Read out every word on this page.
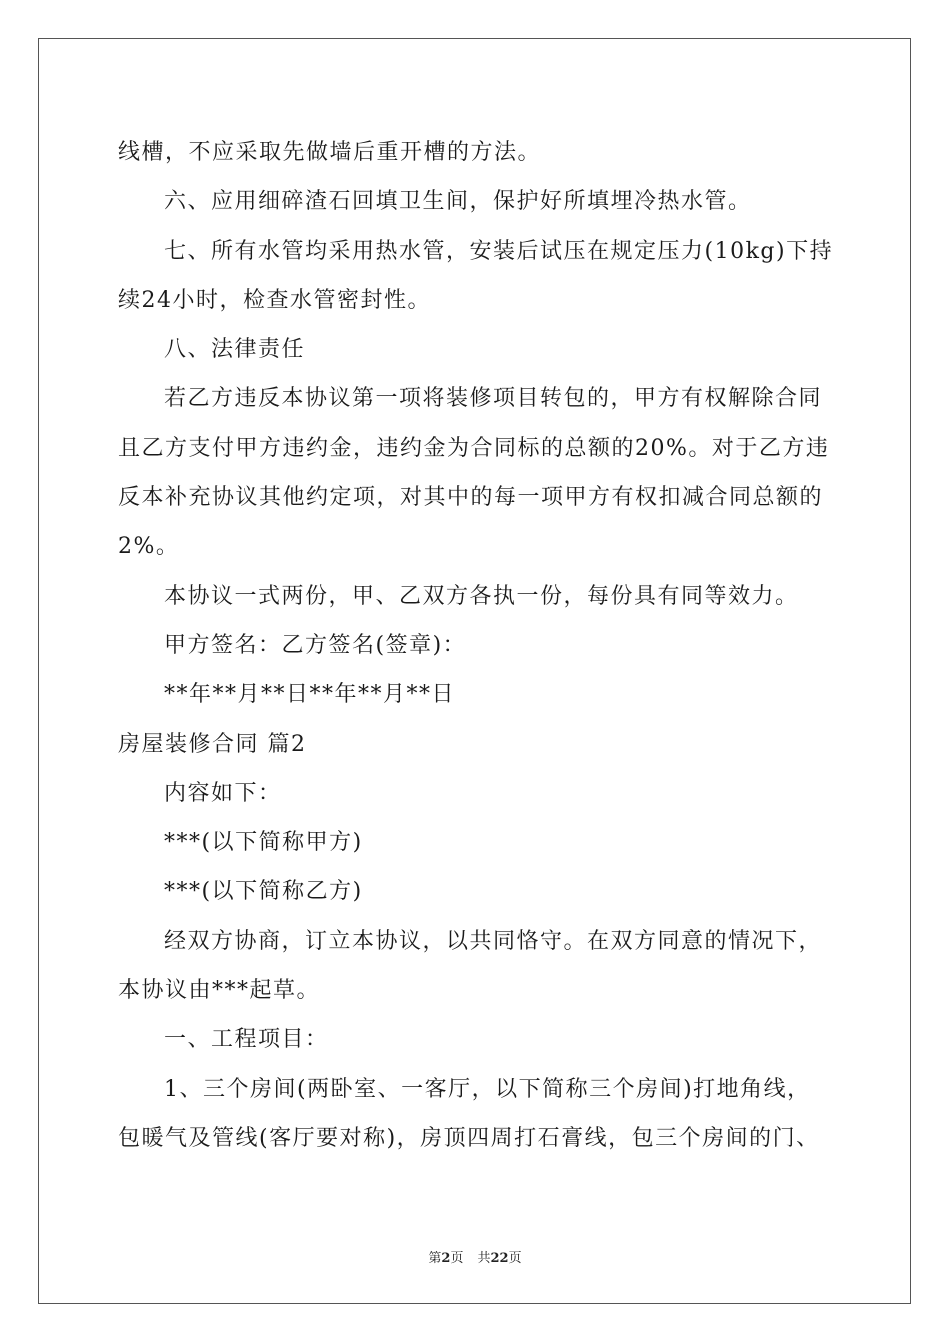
线槽，不应采取先做墙后重开槽的方法。
六、应用细碎渣石回填卫生间，保护好所填埋冷热水管。
七、所有水管均采用热水管，安装后试压在规定压力(10kg)下持
续24小时，检查水管密封性。
八、法律责任
若乙方违反本协议第一项将装修项目转包的，甲方有权解除合同
且乙方支付甲方违约金，违约金为合同标的总额的20%。对于乙方违
反本补充协议其他约定项，对其中的每一项甲方有权扣减合同总额的
2%。
本协议一式两份，甲、乙双方各执一份，每份具有同等效力。
甲方签名：乙方签名(签章)：
**年**月**日**年**月**日
房屋装修合同 篇2
内容如下：
***(以下简称甲方)
***(以下简称乙方)
经双方协商，订立本协议，以共同恪守。在双方同意的情况下，
本协议由***起草。
一、工程项目：
1、三个房间(两卧室、一客厅，以下简称三个房间)打地角线，
包暖气及管线(客厅要对称)，房顶四周打石膏线，包三个房间的门、
第2页 共22页
